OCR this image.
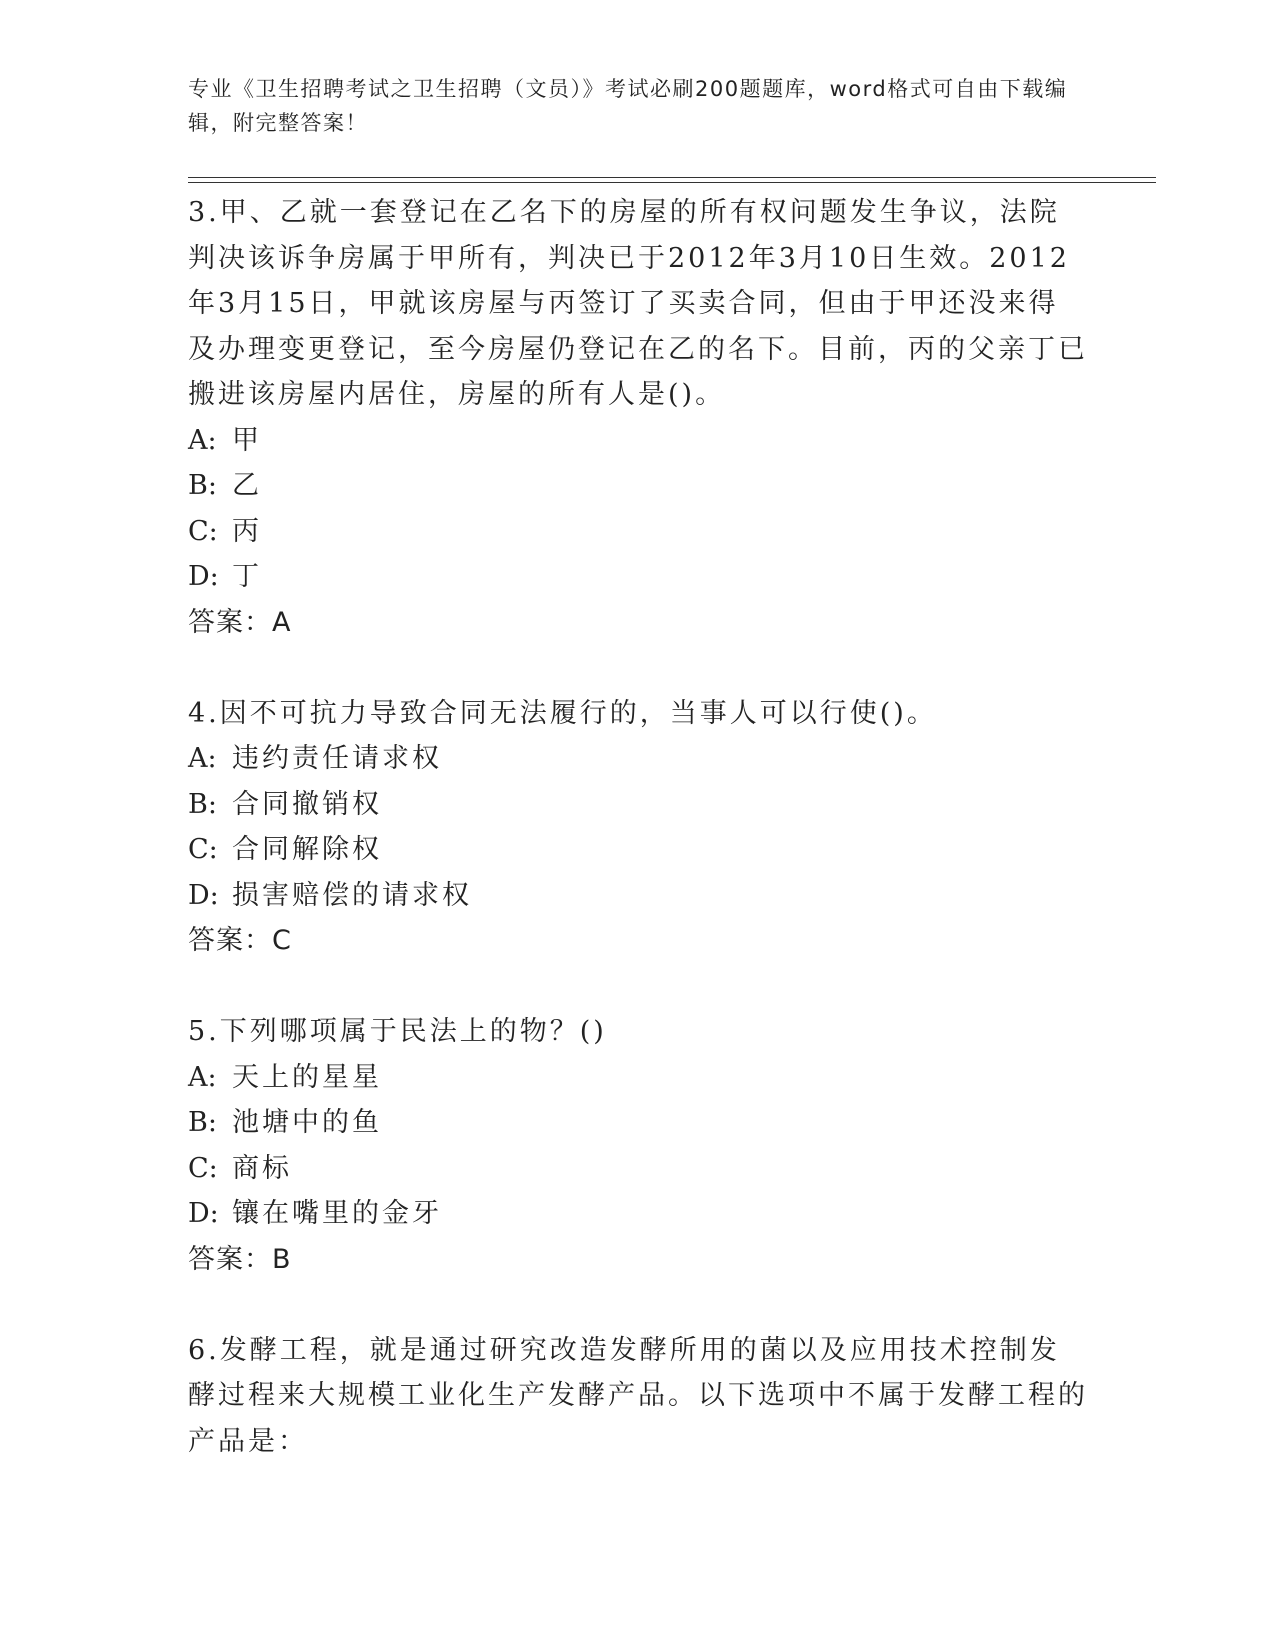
专业《卫生招聘考试之卫生招聘（文员）》考试必刷200题题库，word格式可自由下载编辑，附完整答案！

3.甲、乙就一套登记在乙名下的房屋的所有权问题发生争议，法院判决该诉争房属于甲所有，判决已于2012年3月10日生效。2012年3月15日，甲就该房屋与丙签订了买卖合同，但由于甲还没来得及办理变更登记，至今房屋仍登记在乙的名下。目前，丙的父亲丁已搬进该房屋内居住，房屋的所有人是()。

A: 甲

B: 乙

C: 丙

D: 丁

答案：A

4.因不可抗力导致合同无法履行的，当事人可以行使()。

A: 违约责任请求权

B: 合同撤销权

C: 合同解除权

D: 损害赔偿的请求权

答案：C

5.下列哪项属于民法上的物？()

A: 天上的星星

B: 池塘中的鱼

C: 商标

D: 镶在嘴里的金牙

答案：B

6.发酵工程，就是通过研究改造发酵所用的菌以及应用技术控制发酵过程来大规模工业化生产发酵产品。以下选项中不属于发酵工程的产品是：
